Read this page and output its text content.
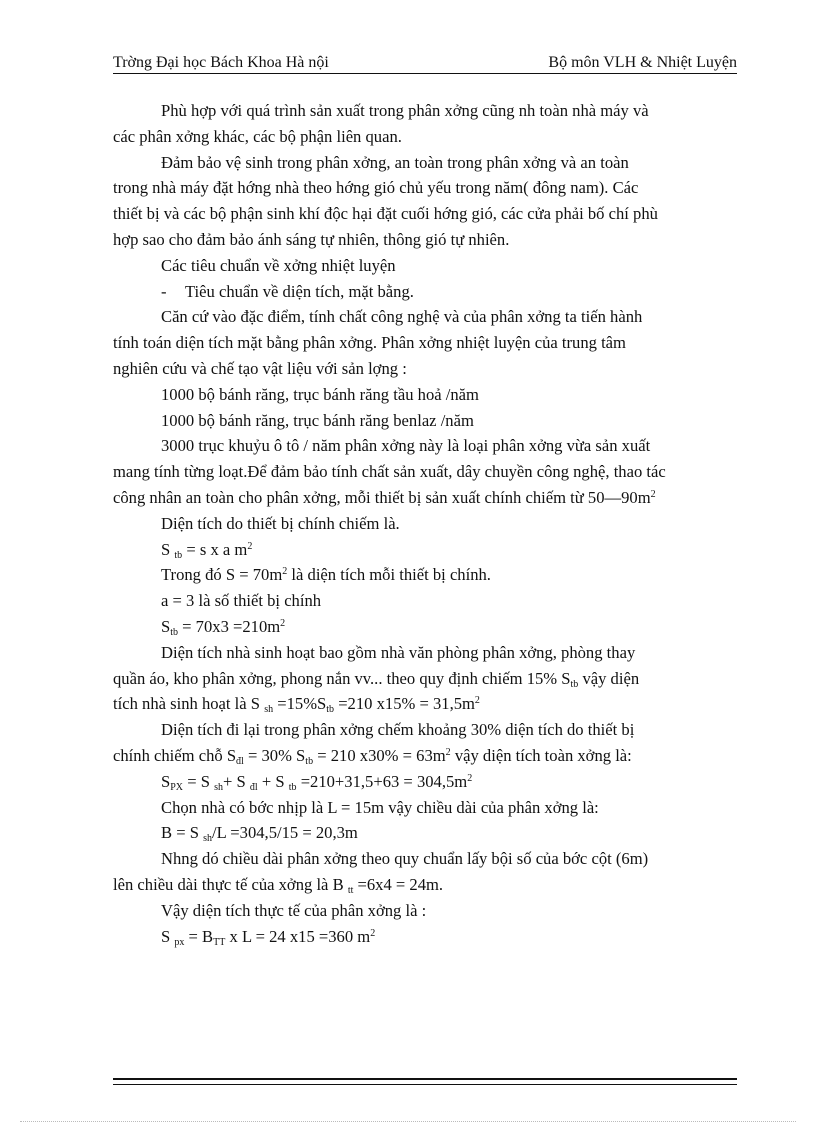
Trờng Đại học Bách Khoa Hà nội	Bộ môn VLH & Nhiệt Luyện
Phù hợp với quá trình sản xuất trong phân xởng cũng nh toàn nhà máy và
các phân xởng khác, các bộ phận liên quan.
Đảm bảo vệ sinh trong phân xởng, an toàn trong phân xởng và an toàn
trong nhà máy đặt hớng nhà theo hớng gió chủ yếu trong năm( đông nam). Các
thiết bị và các bộ phận sinh khí độc hại đặt cuối hớng gió, các cửa phải bố chí phù
hợp sao cho đảm bảo ánh sáng tự nhiên, thông gió tự nhiên.
Các tiêu chuẩn về xởng nhiệt luyện
- Tiêu chuẩn về diện tích, mặt bằng.
Căn cứ vào đặc điểm, tính chất công nghệ và của phân xởng ta tiến hành
tính toán diện tích mặt bằng phân xởng. Phân xởng nhiệt luyện của trung tâm
nghiên cứu và chế tạo vật liệu với sản lợng :
1000 bộ bánh răng, trục bánh răng tầu hoả /năm
1000 bộ bánh răng, trục bánh răng benlaz /năm
3000 trục khuỷu ô tô / năm phân xởng này là loại phân xởng vừa sản xuất
mang tính từng loạt.Để đảm bảo tính chất sản xuất, dây chuyền công nghệ, thao tác
công nhân an toàn cho phân xởng, mỗi thiết bị sản xuất chính chiếm từ $50—90m^2$
Diện tích do thiết bị chính chiếm là.
S $_{tb}$ = s x a $m^2$
Trong đó $S = 70m^2$ là diện tích mỗi thiết bị chính.
a = 3 là số thiết bị chính
$S_{tb} = 70x3 =210m^2$
Diện tích nhà sinh hoạt bao gồm nhà văn phòng phân xởng, phòng thay
quần áo, kho phân xởng, phong nắn vv... theo quy định chiếm 15% $S_{tb}$ vậy diện
tích nhà sinh hoạt là S $_{sh} =15\%S_{tb} =210$ $x15\% = 31,5m^2$
Diện tích đi lại trong phân xởng chếm khoảng 30% diện tích do thiết bị
chính chiếm chỗ $S_{đl} = 30\%$ $S_{tb} = 210$ $x30\% = 63m^2$ vậy diện tích toàn xởng là:
$S_{PX} = S$ $_{sh}$+ S $_{đl}$ + S $_{tb} =210+31,5+63 = 304,5m^2$
Chọn nhà có bớc nhịp là L = 15m vậy chiều dài của phân xởng là:
B = S $_{sh}$/L =304,5/15 = 20,3m
Nhng dó chiều dài phân xởng theo quy chuẩn lấy bội số của bớc cột (6m)
lên chiều dài thực tế của xởng là B $_{tt}$ =6x4 = 24m.
Vậy diện tích thực tế của phân xởng là :
S $_{px} = B_{TT}$ x L = 24 x15 =360 $m^2$
